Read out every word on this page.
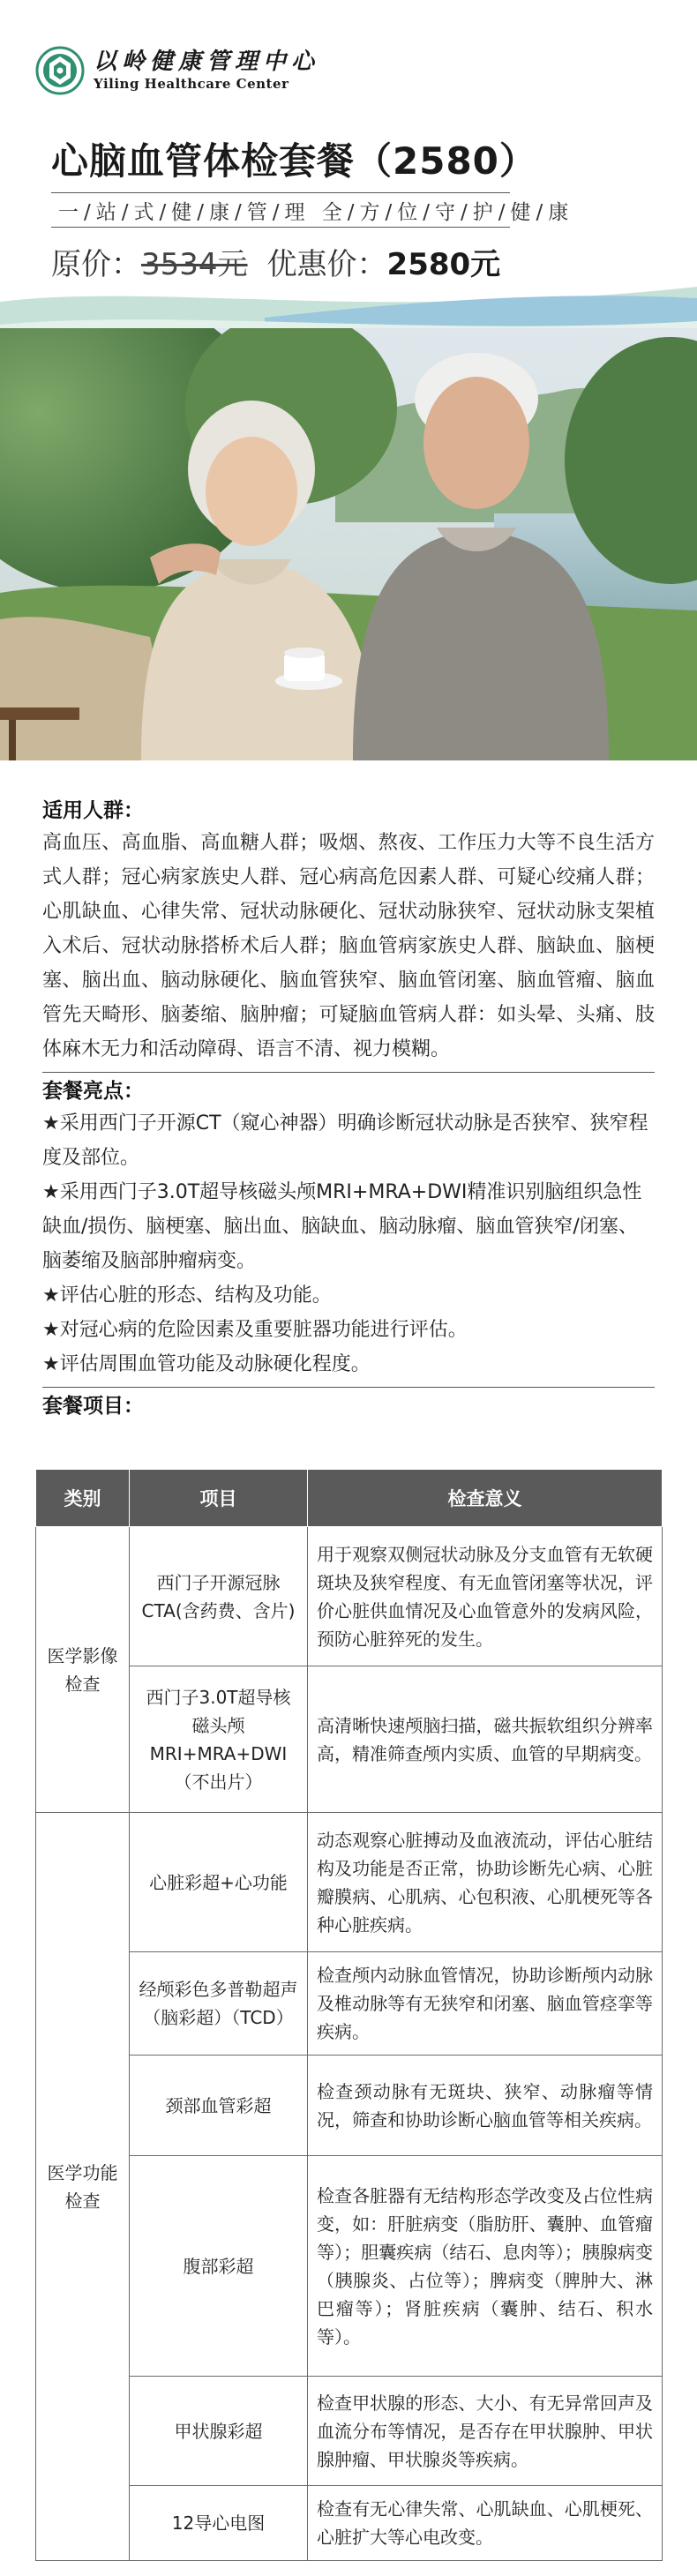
以岭健康管理中心
Yiling Healthcare Center
心脑血管体检套餐（2580）
一/站/式/健/康/管/理 全/方/位/守/护/健/康
原价：3534元 优惠价：2580元
适用人群：
高血压、高血脂、高血糖人群；吸烟、熬夜、工作压力大等不良生活方式人群；冠心病家族史人群、冠心病高危因素人群、可疑心绞痛人群；心肌缺血、心律失常、冠状动脉硬化、冠状动脉狭窄、冠状动脉支架植入术后、冠状动脉搭桥术后人群；脑血管病家族史人群、脑缺血、脑梗塞、脑出血、脑动脉硬化、脑血管狭窄、脑血管闭塞、脑血管瘤、脑血管先天畸形、脑萎缩、脑肿瘤；可疑脑血管病人群：如头晕、头痛、肢体麻木无力和活动障碍、语言不清、视力模糊。
套餐亮点：
★采用西门子开源CT（窥心神器）明确诊断冠状动脉是否狭窄、狭窄程度及部位。
★采用西门子3.0T超导核磁头颅MRI+MRA+DWI精准识别脑组织急性缺血/损伤、脑梗塞、脑出血、脑缺血、脑动脉瘤、脑血管狭窄/闭塞、脑萎缩及脑部肿瘤病变。
★评估心脏的形态、结构及功能。
★对冠心病的危险因素及重要脏器功能进行评估。
★评估周围血管功能及动脉硬化程度。
套餐项目：
类别	项目	检查意义
医学影像检查	西门子开源冠脉CTA(含药费、含片)	用于观察双侧冠状动脉及分支血管有无软硬斑块及狭窄程度、有无血管闭塞等状况，评价心脏供血情况及心血管意外的发病风险，预防心脏猝死的发生。
	西门子3.0T超导核磁头颅MRI+MRA+DWI（不出片）	高清晰快速颅脑扫描，磁共振软组织分辨率高，精准筛查颅内实质、血管的早期病变。
医学功能检查	心脏彩超+心功能	动态观察心脏搏动及血液流动，评估心脏结构及功能是否正常，协助诊断先心病、心脏瓣膜病、心肌病、心包积液、心肌梗死等各种心脏疾病。
	经颅彩色多普勒超声（脑彩超）（TCD）	检查颅内动脉血管情况，协助诊断颅内动脉及椎动脉等有无狭窄和闭塞、脑血管痉挛等疾病。
	颈部血管彩超	检查颈动脉有无斑块、狭窄、动脉瘤等情况，筛查和协助诊断心脑血管等相关疾病。
	腹部彩超	检查各脏器有无结构形态学改变及占位性病变，如：肝脏病变（脂肪肝、囊肿、血管瘤等）；胆囊疾病（结石、息肉等）；胰腺病变（胰腺炎、占位等）；脾病变（脾肿大、淋巴瘤等）；肾脏疾病（囊肿、结石、积水等）。
	甲状腺彩超	检查甲状腺的形态、大小、有无异常回声及血流分布等情况，是否存在甲状腺肿、甲状腺肿瘤、甲状腺炎等疾病。
	12导心电图	检查有无心律失常、心肌缺血、心肌梗死、心脏扩大等心电改变。
